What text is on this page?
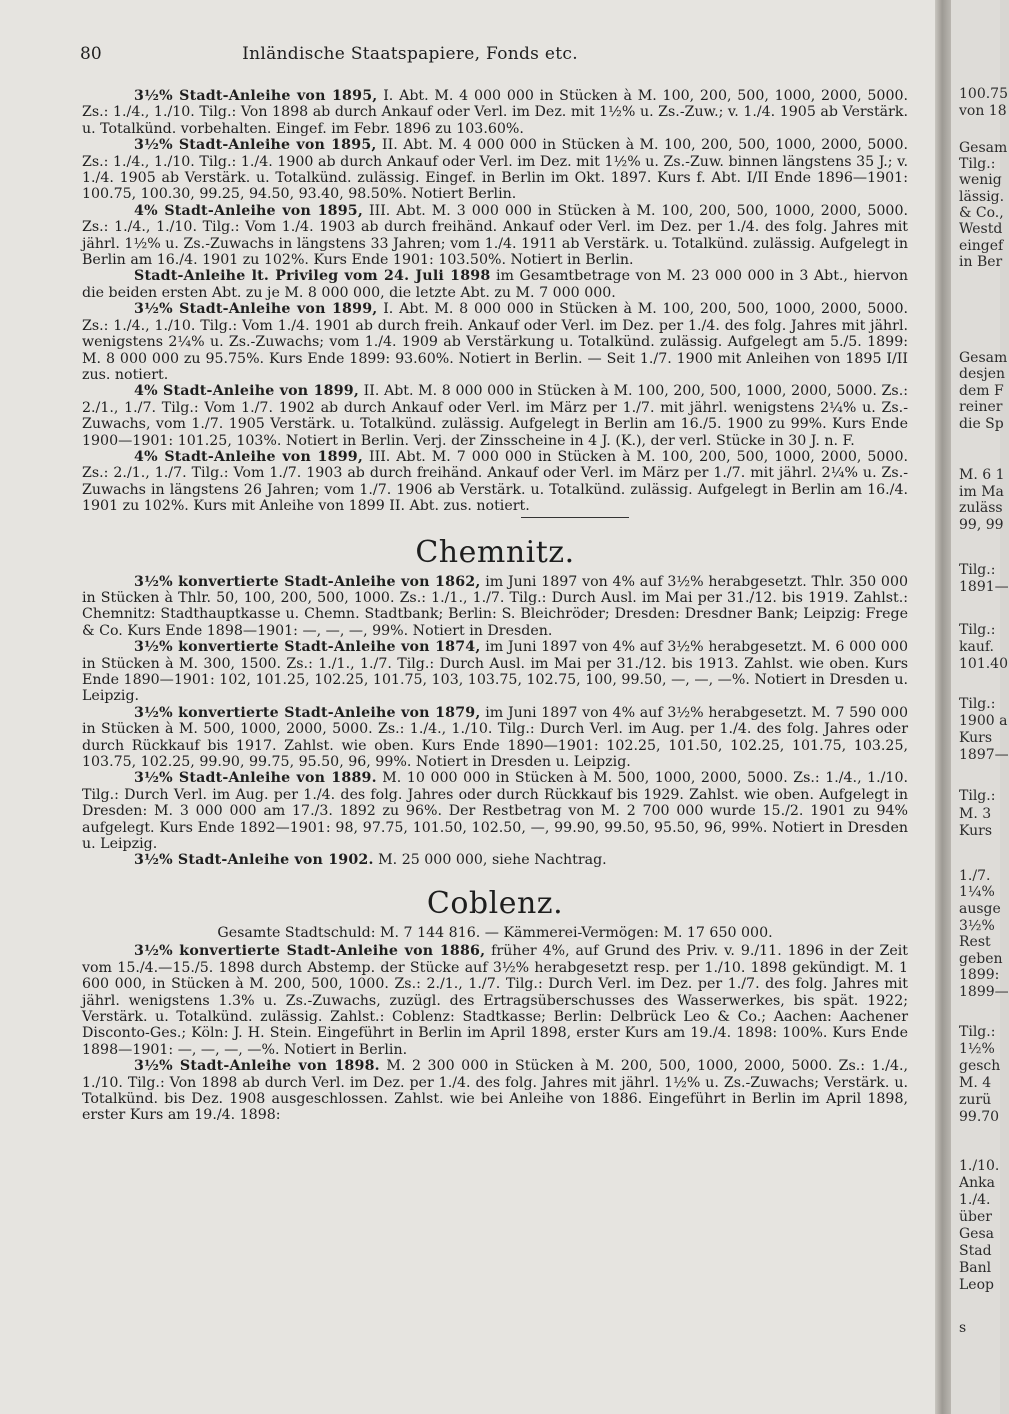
80	Inländische Staatspapiere, Fonds etc.

3½% Stadt-Anleihe von 1895, I. Abt. M. 4 000 000 in Stücken à M. 100, 200, 500, 1000, 2000, 5000. Zs.: 1./4., 1./10. Tilg.: Von 1898 ab durch Ankauf oder Verl. im Dez. mit 1½% u. Zs.-Zuw.; v. 1./4. 1905 ab Verstärk. u. Totalkünd. vorbehalten. Eingef. im Febr. 1896 zu 103.60%.

3½% Stadt-Anleihe von 1895, II. Abt. M. 4 000 000 in Stücken à M. 100, 200, 500, 1000, 2000, 5000. Zs.: 1./4., 1./10. Tilg.: 1./4. 1900 ab durch Ankauf oder Verl. im Dez. mit 1½% u. Zs.-Zuw. binnen längstens 35 J.; v. 1./4. 1905 ab Verstärk. u. Totalkünd. zulässig. Eingef. in Berlin im Okt. 1897. Kurs f. Abt. I/II Ende 1896—1901: 100.75, 100.30, 99.25, 94.50, 93.40, 98.50%. Notiert Berlin.

4% Stadt-Anleihe von 1895, III. Abt. M. 3 000 000 in Stücken à M. 100, 200, 500, 1000, 2000, 5000. Zs.: 1./4., 1./10. Tilg.: Vom 1./4. 1903 ab durch freihänd. Ankauf oder Verl. im Dez. per 1./4. des folg. Jahres mit jährl. 1½% u. Zs.-Zuwachs in längstens 33 Jahren; vom 1./4. 1911 ab Verstärk. u. Totalkünd. zulässig. Aufgelegt in Berlin am 16./4. 1901 zu 102%. Kurs Ende 1901: 103.50%. Notiert in Berlin.

Stadt-Anleihe lt. Privileg vom 24. Juli 1898 im Gesamtbetrage von M. 23 000 000 in 3 Abt., hiervon die beiden ersten Abt. zu je M. 8 000 000, die letzte Abt. zu M. 7 000 000.

3½% Stadt-Anleihe von 1899, I. Abt. M. 8 000 000 in Stücken à M. 100, 200, 500, 1000, 2000, 5000. Zs.: 1./4., 1./10. Tilg.: Vom 1./4. 1901 ab durch freih. Ankauf oder Verl. im Dez. per 1./4. des folg. Jahres mit jährl. wenigstens 2¼% u. Zs.-Zuwachs; vom 1./4. 1909 ab Verstärkung u. Totalkünd. zulässig. Aufgelegt am 5./5. 1899: M. 8 000 000 zu 95.75%. Kurs Ende 1899: 93.60%. Notiert in Berlin. — Seit 1./7. 1900 mit Anleihen von 1895 I/II zus. notiert.

4% Stadt-Anleihe von 1899, II. Abt. M. 8 000 000 in Stücken à M. 100, 200, 500, 1000, 2000, 5000. Zs.: 2./1., 1./7. Tilg.: Vom 1./7. 1902 ab durch Ankauf oder Verl. im März per 1./7. mit jährl. wenigstens 2¼% u. Zs.-Zuwachs, vom 1./7. 1905 Verstärk. u. Totalkünd. zulässig. Aufgelegt in Berlin am 16./5. 1900 zu 99%. Kurs Ende 1900—1901: 101.25, 103%. Notiert in Berlin. Verj. der Zinsscheine in 4 J. (K.), der verl. Stücke in 30 J. n. F.

4% Stadt-Anleihe von 1899, III. Abt. M. 7 000 000 in Stücken à M. 100, 200, 500, 1000, 2000, 5000. Zs.: 2./1., 1./7. Tilg.: Vom 1./7. 1903 ab durch freihänd. Ankauf oder Verl. im März per 1./7. mit jährl. 2¼% u. Zs.-Zuwachs in längstens 26 Jahren; vom 1./7. 1906 ab Verstärk. u. Totalkünd. zulässig. Aufgelegt in Berlin am 16./4. 1901 zu 102%. Kurs mit Anleihe von 1899 II. Abt. zus. notiert.

Chemnitz.

3½% konvertierte Stadt-Anleihe von 1862, im Juni 1897 von 4% auf 3½% herabgesetzt. Thlr. 350 000 in Stücken à Thlr. 50, 100, 200, 500, 1000. Zs.: 1./1., 1./7. Tilg.: Durch Ausl. im Mai per 31./12. bis 1919. Zahlst.: Chemnitz: Stadthauptkasse u. Chemn. Stadtbank; Berlin: S. Bleichröder; Dresden: Dresdner Bank; Leipzig: Frege & Co. Kurs Ende 1898—1901: —, —, —, 99%. Notiert in Dresden.

3½% konvertierte Stadt-Anleihe von 1874, im Juni 1897 von 4% auf 3½% herabgesetzt. M. 6 000 000 in Stücken à M. 300, 1500. Zs.: 1./1., 1./7. Tilg.: Durch Ausl. im Mai per 31./12. bis 1913. Zahlst. wie oben. Kurs Ende 1890—1901: 102, 101.25, 102.25, 101.75, 103, 103.75, 102.75, 100, 99.50, —, —, —%. Notiert in Dresden u. Leipzig.

3½% konvertierte Stadt-Anleihe von 1879, im Juni 1897 von 4% auf 3½% herabgesetzt. M. 7 590 000 in Stücken à M. 500, 1000, 2000, 5000. Zs.: 1./4., 1./10. Tilg.: Durch Verl. im Aug. per 1./4. des folg. Jahres oder durch Rückkauf bis 1917. Zahlst. wie oben. Kurs Ende 1890—1901: 102.25, 101.50, 102.25, 101.75, 103.25, 103.75, 102.25, 99.90, 99.75, 95.50, 96, 99%. Notiert in Dresden u. Leipzig.

3½% Stadt-Anleihe von 1889. M. 10 000 000 in Stücken à M. 500, 1000, 2000, 5000. Zs.: 1./4., 1./10. Tilg.: Durch Verl. im Aug. per 1./4. des folg. Jahres oder durch Rückkauf bis 1929. Zahlst. wie oben. Aufgelegt in Dresden: M. 3 000 000 am 17./3. 1892 zu 96%. Der Restbetrag von M. 2 700 000 wurde 15./2. 1901 zu 94% aufgelegt. Kurs Ende 1892—1901: 98, 97.75, 101.50, 102.50, —, 99.90, 99.50, 95.50, 96, 99%. Notiert in Dresden u. Leipzig.

3½% Stadt-Anleihe von 1902. M. 25 000 000, siehe Nachtrag.

Coblenz.

Gesamte Stadtschuld: M. 7 144 816. — Kämmerei-Vermögen: M. 17 650 000.

3½% konvertierte Stadt-Anleihe von 1886, früher 4%, auf Grund des Priv. v. 9./11. 1896 in der Zeit vom 15./4.—15./5. 1898 durch Abstemp. der Stücke auf 3½% herabgesetzt resp. per 1./10. 1898 gekündigt. M. 1 600 000, in Stücken à M. 200, 500, 1000. Zs.: 2./1., 1./7. Tilg.: Durch Verl. im Dez. per 1./7. des folg. Jahres mit jährl. wenigstens 1.3% u. Zs.-Zuwachs, zuzügl. des Ertragsüberschusses des Wasserwerkes, bis spät. 1922; Verstärk. u. Totalkünd. zulässig. Zahlst.: Coblenz: Stadtkasse; Berlin: Delbrück Leo & Co.; Aachen: Aachener Disconto-Ges.; Köln: J. H. Stein. Eingeführt in Berlin im April 1898, erster Kurs am 19./4. 1898: 100%. Kurs Ende 1898—1901: —, —, —, —%. Notiert in Berlin.

3½% Stadt-Anleihe von 1898. M. 2 300 000 in Stücken à M. 200, 500, 1000, 2000, 5000. Zs.: 1./4., 1./10. Tilg.: Von 1898 ab durch Verl. im Dez. per 1./4. des folg. Jahres mit jährl. 1½% u. Zs.-Zuwachs; Verstärk. u. Totalkünd. bis Dez. 1908 ausgeschlossen. Zahlst. wie bei Anleihe von 1886. Eingeführt in Berlin im April 1898, erster Kurs am 19./4. 1898:

100.75
von 18
Gesam
Tilg.:
wenig
lässig.
& Co.,
Westd
eingef
in Ber
Gesam
desjen
dem F
reiner
die Sp
M. 6 1
im Ma
zuläss
99, 99
Tilg.:
1891—
Tilg.:
kauf.
101.40
Tilg.:
1900 a
Kurs
1897—
Tilg.:
M. 3
Kurs
1./7.
1¼%
ausge
3½%
Rest
geben
1899:
1899—
Tilg.:
1½%
gesch
M. 4
zurü
99.70
1./10.
Anka
1./4.
über
Gesa
Stad
Banl
Leop
s
